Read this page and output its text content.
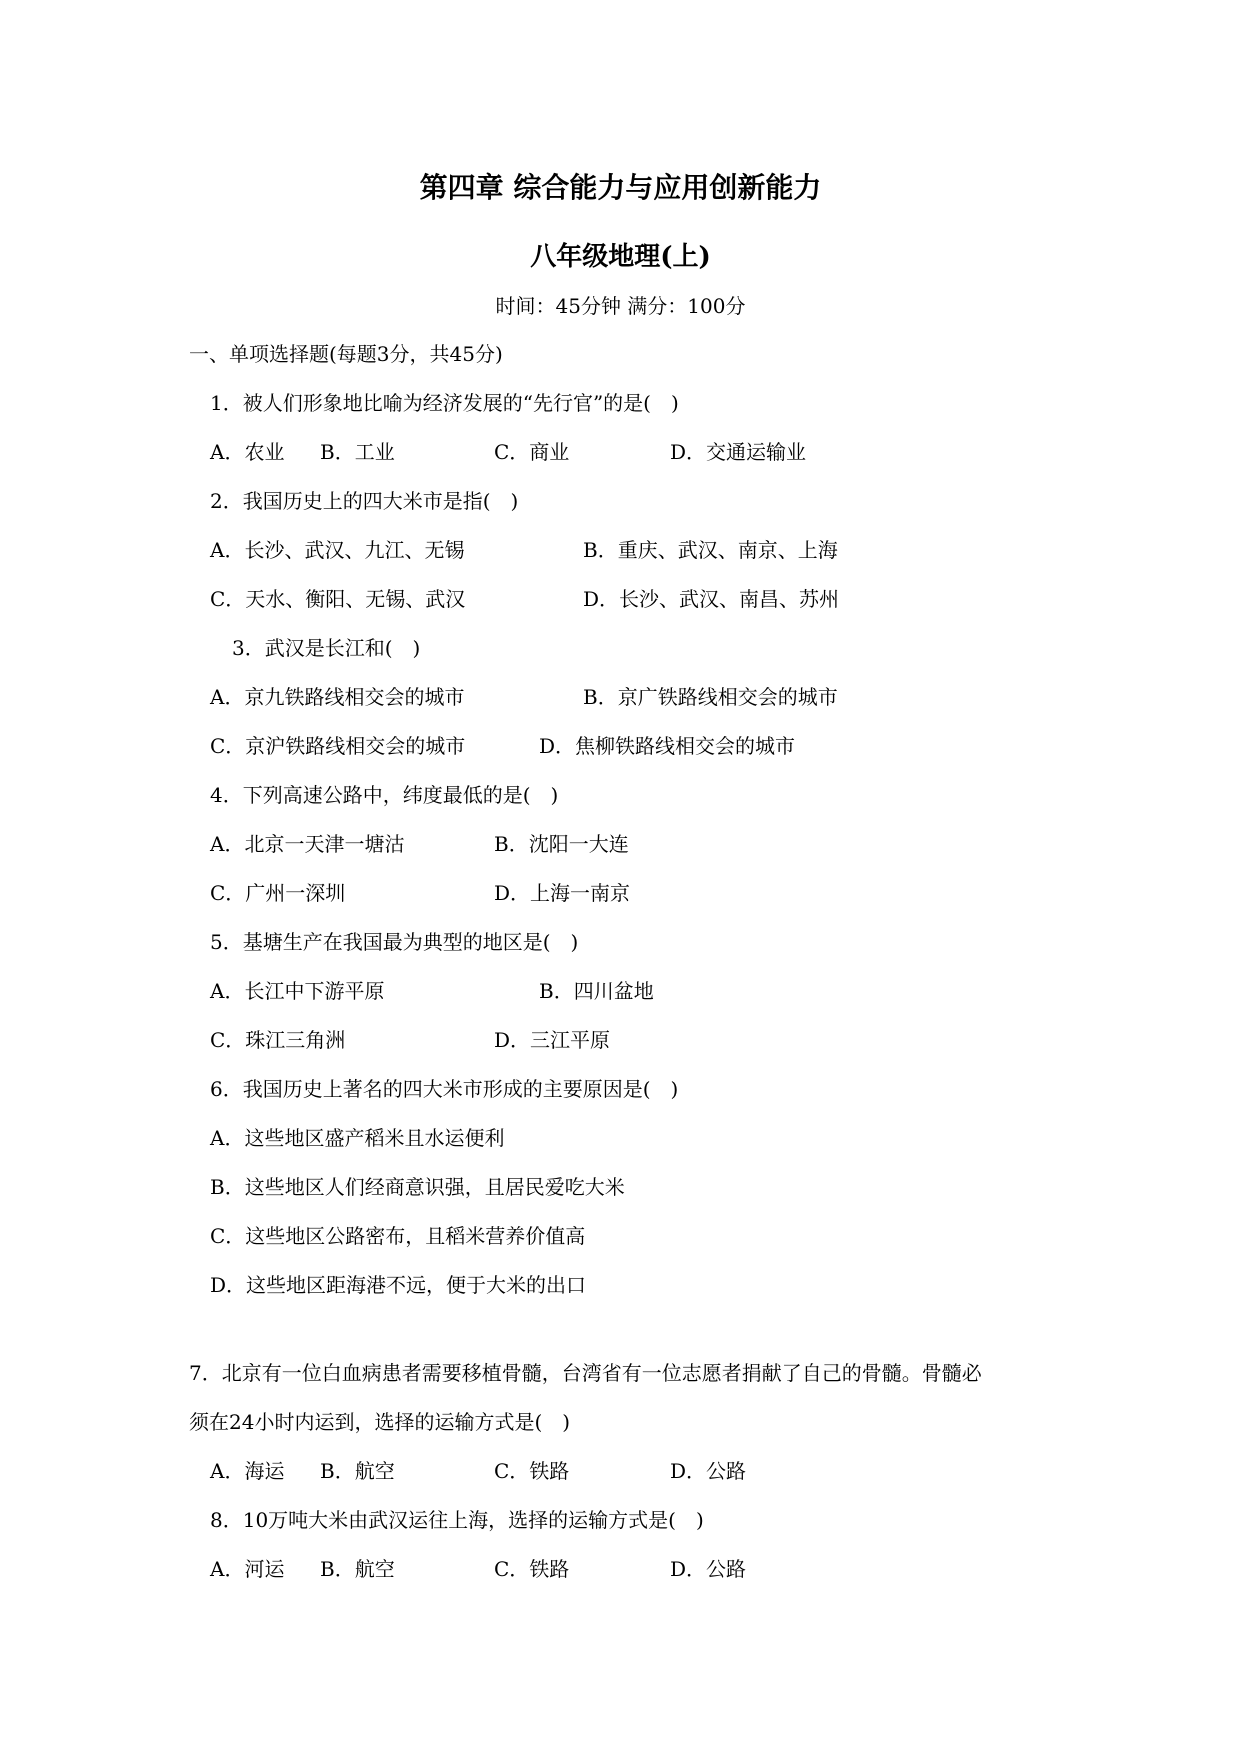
第四章 综合能力与应用创新能力
八年级地理(上)
时间：45分钟 满分：100分
一、单项选择题(每题3分，共45分)
1．被人们形象地比喻为经济发展的“先行官”的是(　)
A．农业 B．工业	C．商业	D．交通运输业
2．我国历史上的四大米市是指(　)
A．长沙、武汉、九江、无锡	B．重庆、武汉、南京、上海
C．天水、衡阳、无锡、武汉	D．长沙、武汉、南昌、苏州
3．武汉是长江和(　)
A．京九铁路线相交会的城市	B．京广铁路线相交会的城市
C．京沪铁路线相交会的城市	D．焦柳铁路线相交会的城市
4．下列高速公路中，纬度最低的是(　)
A．北京一天津一塘沽	B．沈阳一大连
C．广州一深圳	D．上海一南京
5．基塘生产在我国最为典型的地区是(　)
A．长江中下游平原	B．四川盆地
C．珠江三角洲	D．三江平原
6．我国历史上著名的四大米市形成的主要原因是(　)
A．这些地区盛产稻米且水运便利
B．这些地区人们经商意识强，且居民爱吃大米
C．这些地区公路密布，且稻米营养价值高
D．这些地区距海港不远，便于大米的出口
7．北京有一位白血病患者需要移植骨髓，台湾省有一位志愿者捐献了自己的骨髓。骨髓必
须在24小时内运到，选择的运输方式是(　)
A．海运 B．航空	C．铁路	D．公路
8．10万吨大米由武汉运往上海，选择的运输方式是(　)
A．河运 B．航空	C．铁路	D．公路
